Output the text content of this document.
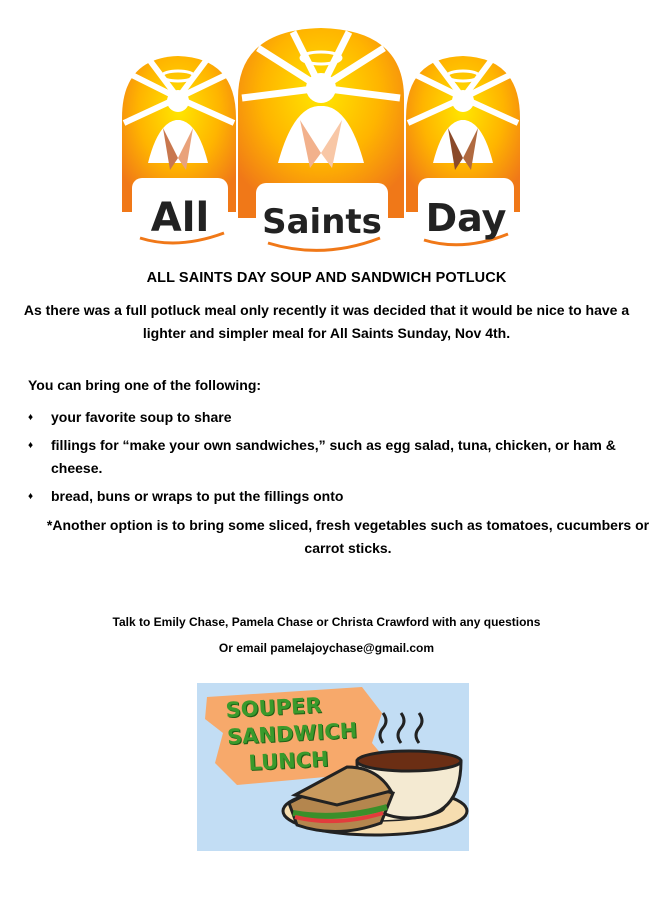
All Saints Day
ALL SAINTS DAY SOUP AND SANDWICH POTLUCK
As there was a full potluck meal only recently it was decided that it would be nice to have a lighter and simpler meal for All Saints Sunday, Nov 4th.
You can bring one of the following:
♦ your favorite soup to share
♦ fillings for “make your own sandwiches,” such as egg salad, tuna, chicken, or ham & cheese.
♦ bread, buns or wraps to put the fillings onto
*Another option is to bring some sliced, fresh vegetables such as tomatoes, cucumbers or carrot sticks.
Talk to Emily Chase, Pamela Chase or Christa Crawford with any questions
Or email pamelajoychase@gmail.com
SOUPER
SANDWICH
LUNCH
